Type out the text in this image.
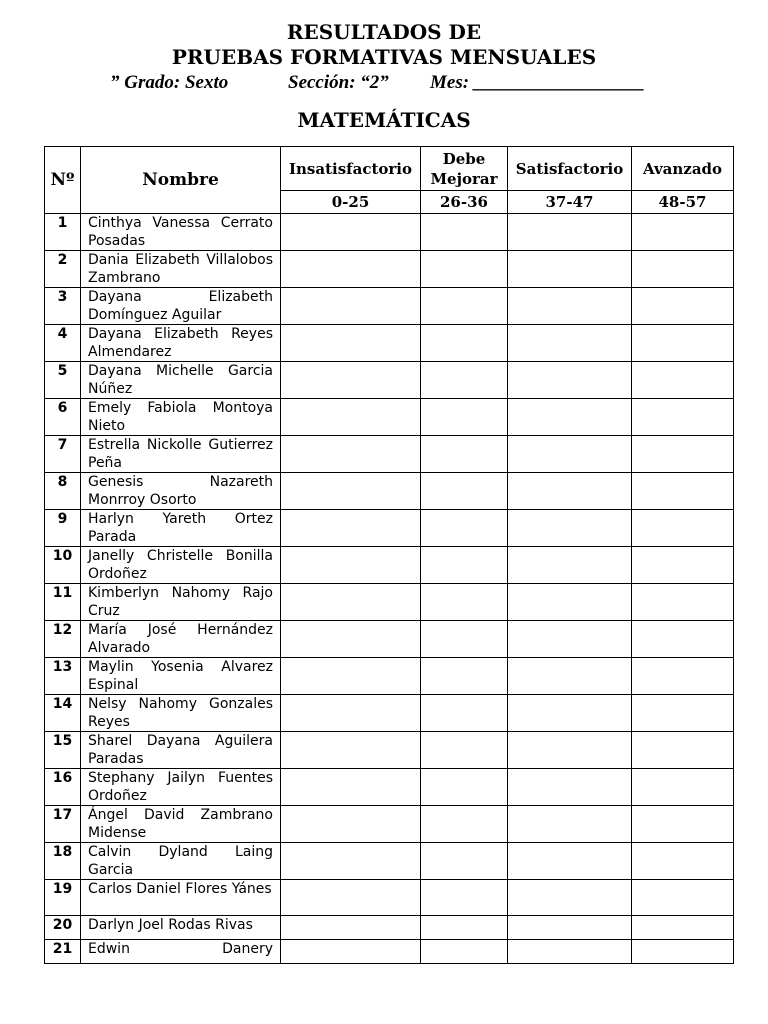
RESULTADOS DE
PRUEBAS FORMATIVAS MENSUALES
” Grado: Sexto	Sección: “2” Mes: __________________
MATEMÁTICAS
Nº	Nombre	Insatisfactorio	Debe Mejorar	Satisfactorio	Avanzado
		0-25	26-36	37-47	48-57
1	Cinthya Vanessa Cerrato Posadas				
2	Dania Elizabeth Villalobos Zambrano				
3	Dayana Elizabeth Domínguez Aguilar				
4	Dayana Elizabeth Reyes Almendarez				
5	Dayana Michelle Garcia Núñez				
6	Emely Fabiola Montoya Nieto				
7	Estrella Nickolle Gutierrez Peña				
8	Genesis Nazareth Monrroy Osorto				
9	Harlyn Yareth Ortez Parada				
10	Janelly Christelle Bonilla Ordoñez				
11	Kimberlyn Nahomy Rajo Cruz				
12	María José Hernández Alvarado				
13	Maylin Yosenia Alvarez Espinal				
14	Nelsy Nahomy Gonzales Reyes				
15	Sharel Dayana Aguilera Paradas				
16	Stephany Jailyn Fuentes Ordoñez				
17	Ángel David Zambrano Midense				
18	Calvin Dyland Laing Garcia				
19	Carlos Daniel Flores Yánes				
20	Darlyn Joel Rodas Rivas				
21	Edwin Danery				
